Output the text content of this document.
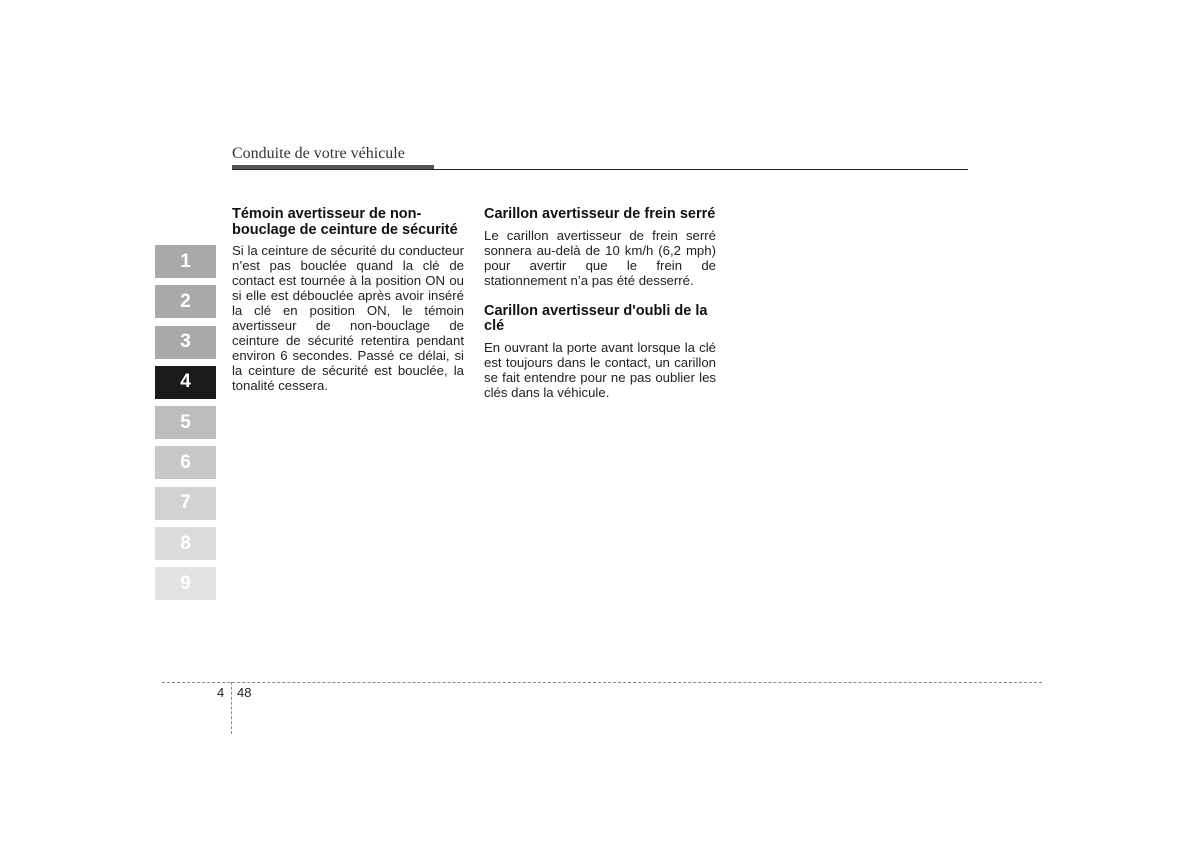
Conduite de votre véhicule
1
2
3
4
5
6
7
8
9
Témoin avertisseur de non-bouclage de ceinture de sécurité

Si la ceinture de sécurité du conducteur n’est pas bouclée quand la clé de contact est tournée à la position ON ou si elle est débouclée après avoir inséré la clé en position ON, le témoin avertisseur de non-bouclage de ceinture de sécurité retentira pendant environ 6 secondes. Passé ce délai, si la ceinture de sécurité est bouclée, la tonalité cessera.

Carillon avertisseur de frein serré

Le carillon avertisseur de frein serré sonnera au-delà de 10 km/h (6,2 mph) pour avertir que le frein de stationnement n’a pas été desserré.

Carillon avertisseur d'oubli de la clé

En ouvrant la porte avant lorsque la clé est toujours dans le contact, un carillon se fait entendre pour ne pas oublier les clés dans la véhicule.

4 48
